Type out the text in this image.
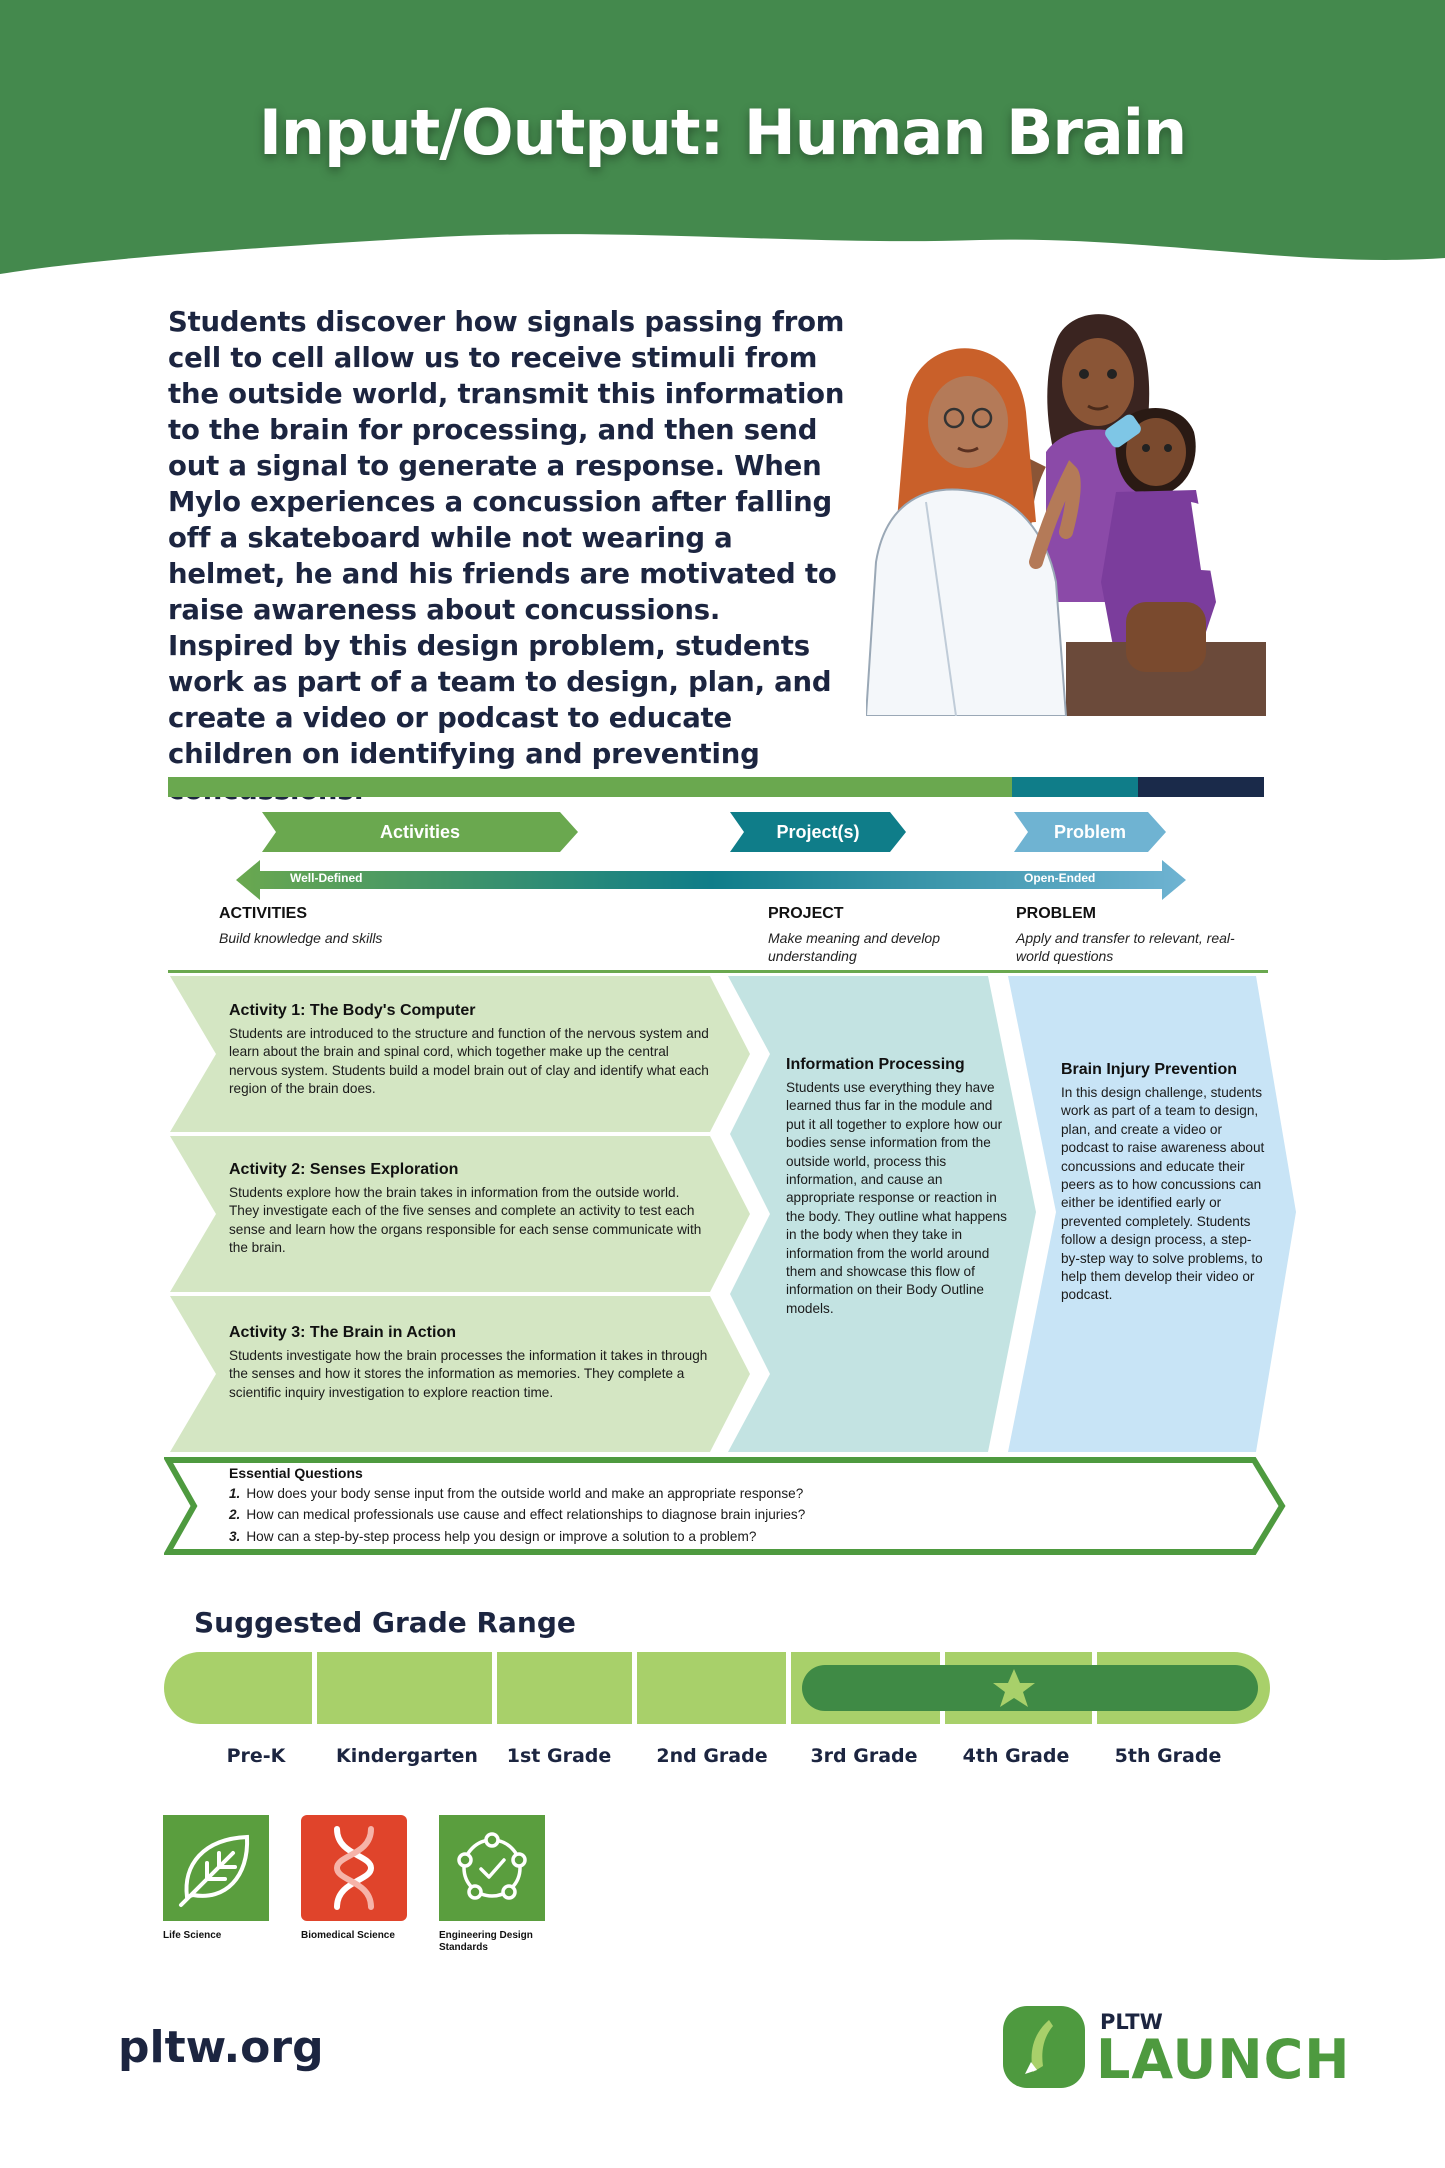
Input/Output: Human Brain
Students discover how signals passing from cell to cell allow us to receive stimuli from the outside world, transmit this information to the brain for processing, and then send out a signal to generate a response. When Mylo experiences a concussion after falling off a skateboard while not wearing a helmet, he and his friends are motivated to raise awareness about concussions. Inspired by this design problem, students work as part of a team to design, plan, and create a video or podcast to educate children on identifying and preventing
Activities	Project(s)	Problem
Well-Defined	Open-Ended
ACTIVITIES
Build knowledge and skills
PROJECT
Make meaning and develop understanding
PROBLEM
Apply and transfer to relevant, real-world questions
Activity 1: The Body's Computer
Students are introduced to the structure and function of the nervous system and learn about the brain and spinal cord, which together make up the central nervous system. Students build a model brain out of clay and identify what each region of the brain does.
Activity 2: Senses Exploration
Students explore how the brain takes in information from the outside world. They investigate each of the five senses and complete an activity to test each sense and learn how the organs responsible for each sense communicate with the brain.
Activity 3: The Brain in Action
Students investigate how the brain processes the information it takes in through the senses and how it stores the information as memories. They complete a scientific inquiry investigation to explore reaction time.
Information Processing
Students use everything they have learned thus far in the module and put it all together to explore how our bodies sense information from the outside world, process this information, and cause an appropriate response or reaction in the body. They outline what happens in the body when they take in information from the world around them and showcase this flow of information on their Body Outline models.
Brain Injury Prevention
In this design challenge, students work as part of a team to design, plan, and create a video or podcast to raise awareness about concussions and educate their peers as to how concussions can either be identified early or prevented completely. Students follow a design process, a step-by-step way to solve problems, to help them develop their video or podcast.
Essential Questions
1. How does your body sense input from the outside world and make an appropriate response?
2. How can medical professionals use cause and effect relationships to diagnose brain injuries?
3. How can a step-by-step process help you design or improve a solution to a problem?
Suggested Grade Range
Pre-K	Kindergarten	1st Grade	2nd Grade	3rd Grade	4th Grade	5th Grade
Life Science	Biomedical Science	Engineering Design Standards
pltw.org	PLTW
LAUNCH
